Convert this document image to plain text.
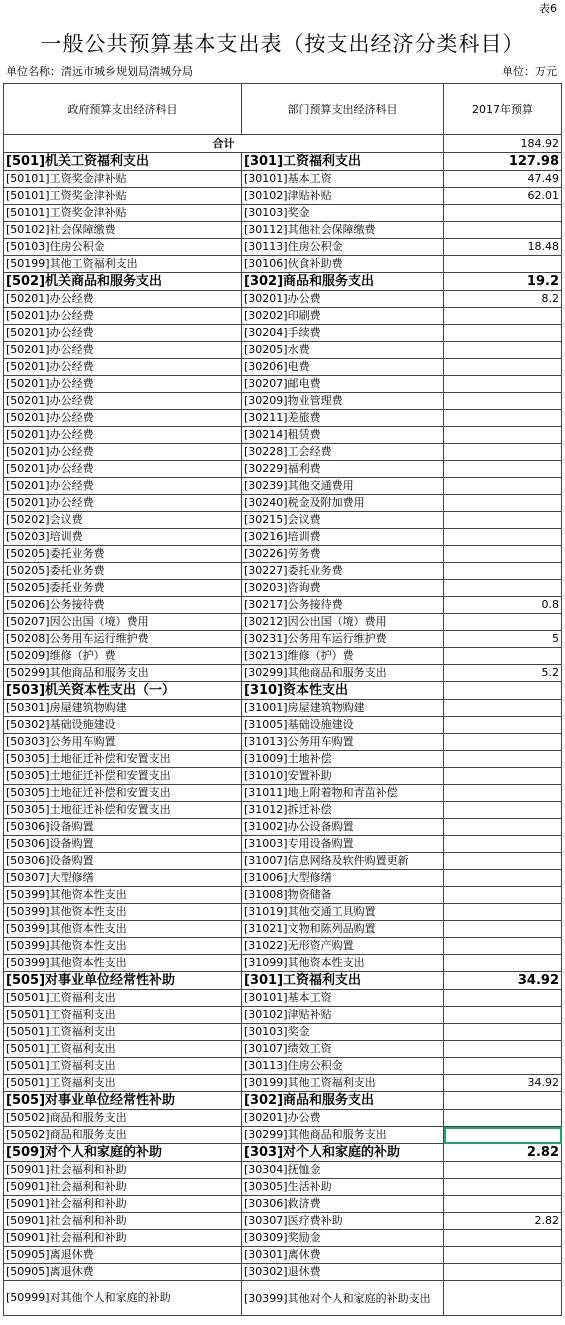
表6
一般公共预算基本支出表（按支出经济分类科目）
单位名称：清远市城乡规划局清城分局	单位：万元
政府预算支出经济科目	部门预算支出经济科目	2017年预算
合计		184.92
[501]机关工资福利支出	[301]工资福利支出	127.98
[50101]工资奖金津补贴	[30101]基本工资	47.49
[50101]工资奖金津补贴	[30102]津贴补贴	62.01
[50101]工资奖金津补贴	[30103]奖金	
[50102]社会保障缴费	[30112]其他社会保障缴费	
[50103]住房公积金	[30113]住房公积金	18.48
[50199]其他工资福利支出	[30106]伙食补助费	
[502]机关商品和服务支出	[302]商品和服务支出	19.2
[50201]办公经费	[30201]办公费	8.2
[50201]办公经费	[30202]印刷费	
[50201]办公经费	[30204]手续费	
[50201]办公经费	[30205]水费	
[50201]办公经费	[30206]电费	
[50201]办公经费	[30207]邮电费	
[50201]办公经费	[30209]物业管理费	
[50201]办公经费	[30211]差旅费	
[50201]办公经费	[30214]租赁费	
[50201]办公经费	[30228]工会经费	
[50201]办公经费	[30229]福利费	
[50201]办公经费	[30239]其他交通费用	
[50201]办公经费	[30240]税金及附加费用	
[50202]会议费	[30215]会议费	
[50203]培训费	[30216]培训费	
[50205]委托业务费	[30226]劳务费	
[50205]委托业务费	[30227]委托业务费	
[50205]委托业务费	[30203]咨询费	
[50206]公务接待费	[30217]公务接待费	0.8
[50207]因公出国（境）费用	[30212]因公出国（境）费用	
[50208]公务用车运行维护费	[30231]公务用车运行维护费	5
[50209]维修（护）费	[30213]维修（护）费	
[50299]其他商品和服务支出	[30299]其他商品和服务支出	5.2
[503]机关资本性支出（一）	[310]资本性支出	
[50301]房屋建筑物购建	[31001]房屋建筑物购建	
[50302]基础设施建设	[31005]基础设施建设	
[50303]公务用车购置	[31013]公务用车购置	
[50305]土地征迁补偿和安置支出	[31009]土地补偿	
[50305]土地征迁补偿和安置支出	[31010]安置补助	
[50305]土地征迁补偿和安置支出	[31011]地上附着物和青苗补偿	
[50305]土地征迁补偿和安置支出	[31012]拆迁补偿	
[50306]设备购置	[31002]办公设备购置	
[50306]设备购置	[31003]专用设备购置	
[50306]设备购置	[31007]信息网络及软件购置更新	
[50307]大型修缮	[31006]大型修缮	
[50399]其他资本性支出	[31008]物资储备	
[50399]其他资本性支出	[31019]其他交通工具购置	
[50399]其他资本性支出	[31021]文物和陈列品购置	
[50399]其他资本性支出	[31022]无形资产购置	
[50399]其他资本性支出	[31099]其他资本性支出	
[505]对事业单位经常性补助	[301]工资福利支出	34.92
[50501]工资福利支出	[30101]基本工资	
[50501]工资福利支出	[30102]津贴补贴	
[50501]工资福利支出	[30103]奖金	
[50501]工资福利支出	[30107]绩效工资	
[50501]工资福利支出	[30113]住房公积金	
[50501]工资福利支出	[30199]其他工资福利支出	34.92
[505]对事业单位经常性补助	[302]商品和服务支出	
[50502]商品和服务支出	[30201]办公费	
[50502]商品和服务支出	[30299]其他商品和服务支出	
[509]对个人和家庭的补助	[303]对个人和家庭的补助	2.82
[50901]社会福利和补助	[30304]抚恤金	
[50901]社会福利和补助	[30305]生活补助	
[50901]社会福利和补助	[30306]救济费	
[50901]社会福利和补助	[30307]医疗费补助	2.82
[50901]社会福利和补助	[30309]奖励金	
[50905]离退休费	[30301]离休费	
[50905]离退休费	[30302]退休费	
[50999]对其他个人和家庭的补助	[30399]其他对个人和家庭的补助支出	
